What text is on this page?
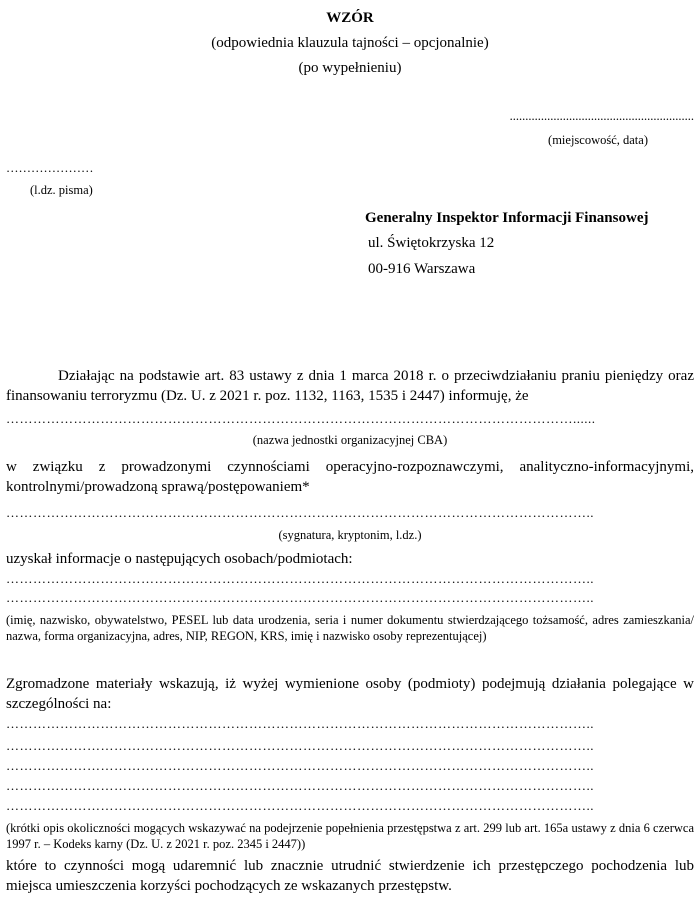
WZÓR
(odpowiednia klauzula tajności – opcjonalnie)
(po wypełnieniu)
...........................................................
(miejscowość, data)
…………………
(l.dz. pisma)
Generalny Inspektor Informacji Finansowej
ul. Świętokrzyska 12
00-916 Warszawa
Działając na podstawie art. 83 ustawy z dnia 1 marca 2018 r. o przeciwdziałaniu praniu pieniędzy oraz finansowaniu terroryzmu (Dz. U. z 2021 r. poz. 1132, 1163, 1535 i 2447) informuję, że
………………………………………………………………………………………………………………......
(nazwa jednostki organizacyjnej CBA)
w związku z prowadzonymi czynnościami operacyjno-rozpoznawczymi, analityczno-informacyjnymi, kontrolnymi/prowadzoną sprawą/postępowaniem*
…………………………………………………………………………………………………………………..
(sygnatura, kryptonim, l.dz.)
uzyskał informacje o następujących osobach/podmiotach:
…………………………………………………………………………………………………………………..
…………………………………………………………………………………………………………………..
(imię, nazwisko, obywatelstwo, PESEL lub data urodzenia, seria i numer dokumentu stwierdzającego tożsamość, adres zamieszkania/ nazwa, forma organizacyjna, adres, NIP, REGON, KRS, imię i nazwisko osoby reprezentującej)
Zgromadzone materiały wskazują, iż wyżej wymienione osoby (podmioty) podejmują działania polegające w szczególności na:
…………………………………………………………………………………………………………………..
…………………………………………………………………………………………………………………..
…………………………………………………………………………………………………………………..
…………………………………………………………………………………………………………………..
…………………………………………………………………………………………………………………..
(krótki opis okoliczności mogących wskazywać na podejrzenie popełnienia przestępstwa z art. 299 lub art. 165a ustawy z dnia 6 czerwca 1997 r. – Kodeks karny (Dz. U. z 2021 r. poz. 2345 i 2447))
które to czynności mogą udaremnić lub znacznie utrudnić stwierdzenie ich przestępczego pochodzenia lub miejsca umieszczenia korzyści pochodzących ze wskazanych przestępstw.
